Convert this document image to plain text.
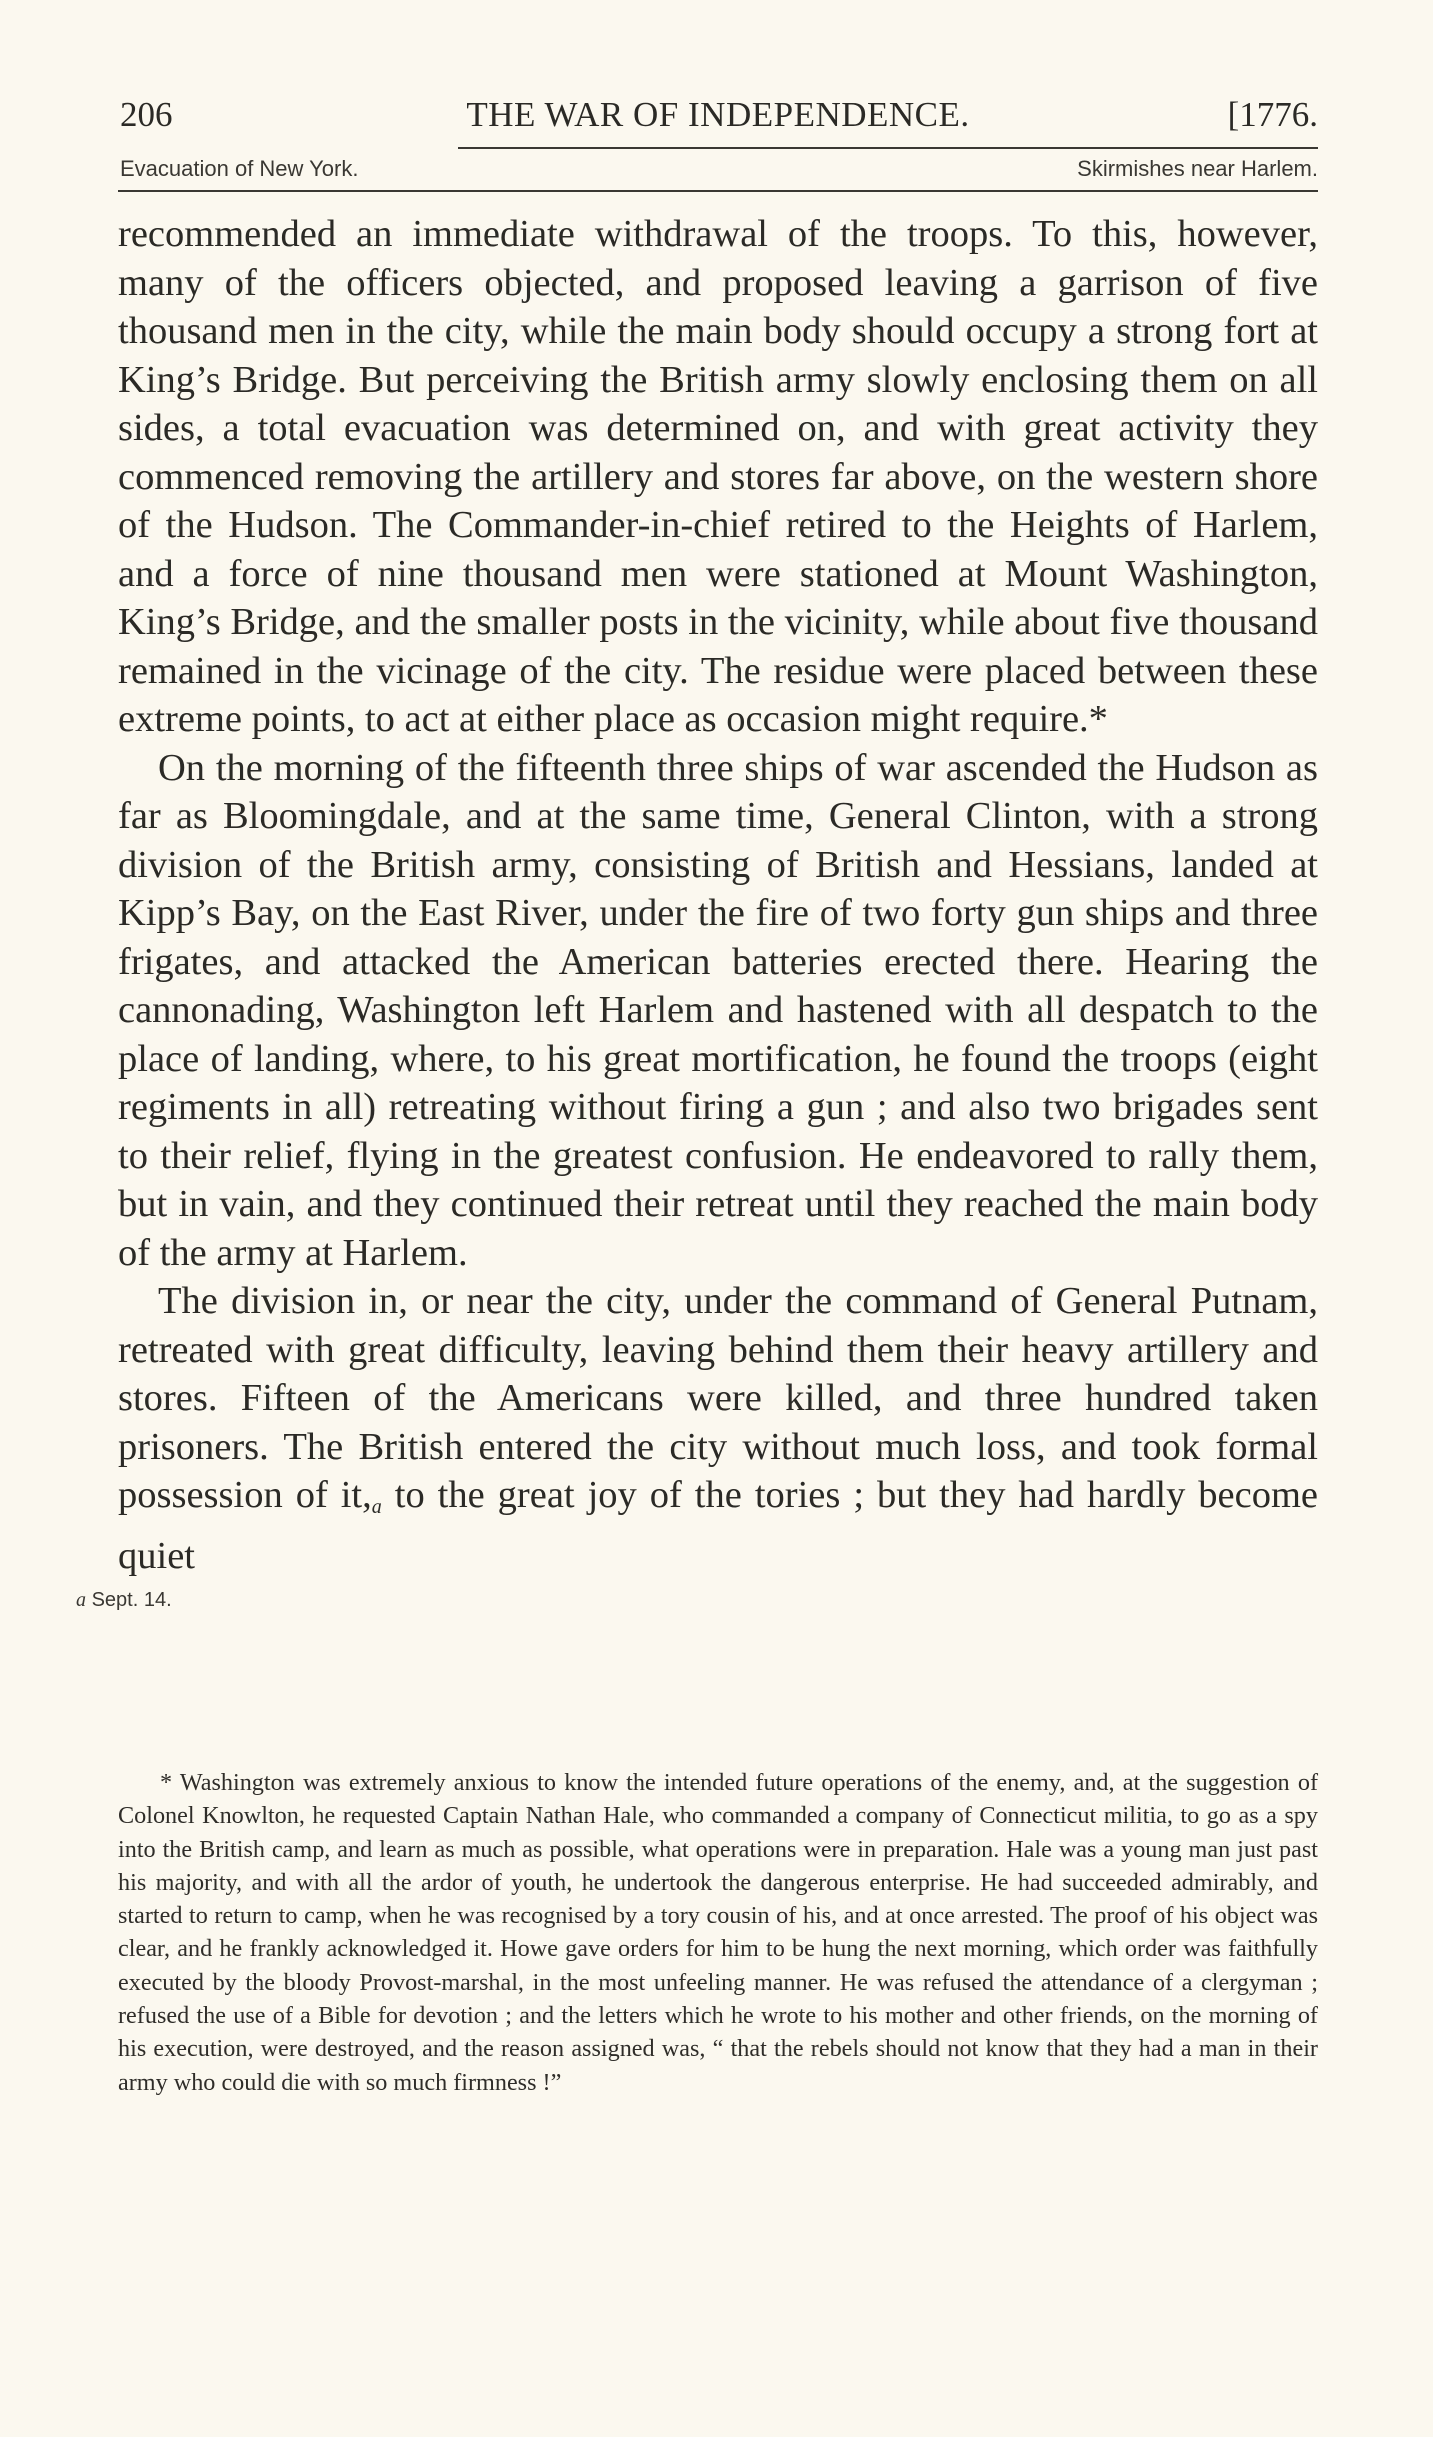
206	THE WAR OF INDEPENDENCE.	[1776.
Evacuation of New York.	Skirmishes near Harlem.

recommended an immediate withdrawal of the troops. To this, however, many of the officers objected, and proposed leaving a garrison of five thousand men in the city, while the main body should occupy a strong fort at King’s Bridge. But perceiving the British army slowly enclosing them on all sides, a total evacuation was determined on, and with great activity they commenced removing the artillery and stores far above, on the western shore of the Hudson. The Commander-in-chief retired to the Heights of Harlem, and a force of nine thousand men were stationed at Mount Washington, King’s Bridge, and the smaller posts in the vicinity, while about five thousand remained in the vicinage of the city. The residue were placed between these extreme points, to act at either place as occasion might require.*

On the morning of the fifteenth three ships of war ascended the Hudson as far as Bloomingdale, and at the same time, General Clinton, with a strong division of the British army, consisting of British and Hessians, landed at Kipp’s Bay, on the East River, under the fire of two forty gun ships and three frigates, and attacked the American batteries erected there. Hearing the cannonading, Washington left Harlem and hastened with all despatch to the place of landing, where, to his great mortification, he found the troops (eight regiments in all) retreating without firing a gun ; and also two brigades sent to their relief, flying in the greatest confusion. He endeavored to rally them, but in vain, and they continued their retreat until they reached the main body of the army at Harlem.

The division in, or near the city, under the command of General Putnam, retreated with great difficulty, leaving behind them their heavy artillery and stores. Fifteen of the Americans were killed, and three hundred taken prisoners. The British entered the city without much loss, and took formal possession of $it,_a$ to the great joy of the tories ; but they had hardly become quiet

a Sept. 14.
* Washington was extremely anxious to know the intended future operations of the enemy, and, at the suggestion of Colonel Knowlton, he requested Captain Nathan Hale, who commanded a company of Connecticut militia, to go as a spy into the British camp, and learn as much as possible, what operations were in preparation. Hale was a young man just past his majority, and with all the ardor of youth, he undertook the dangerous enterprise. He had succeeded admirably, and started to return to camp, when he was recognised by a tory cousin of his, and at once arrested. The proof of his object was clear, and he frankly acknowledged it. Howe gave orders for him to be hung the next morning, which order was faithfully executed by the bloody Provost-marshal, in the most unfeeling manner. He was refused the attendance of a clergyman ; refused the use of a Bible for devotion ; and the letters which he wrote to his mother and other friends, on the morning of his execution, were destroyed, and the reason assigned was, “ that the rebels should not know that they had a man in their army who could die with so much firmness !”
